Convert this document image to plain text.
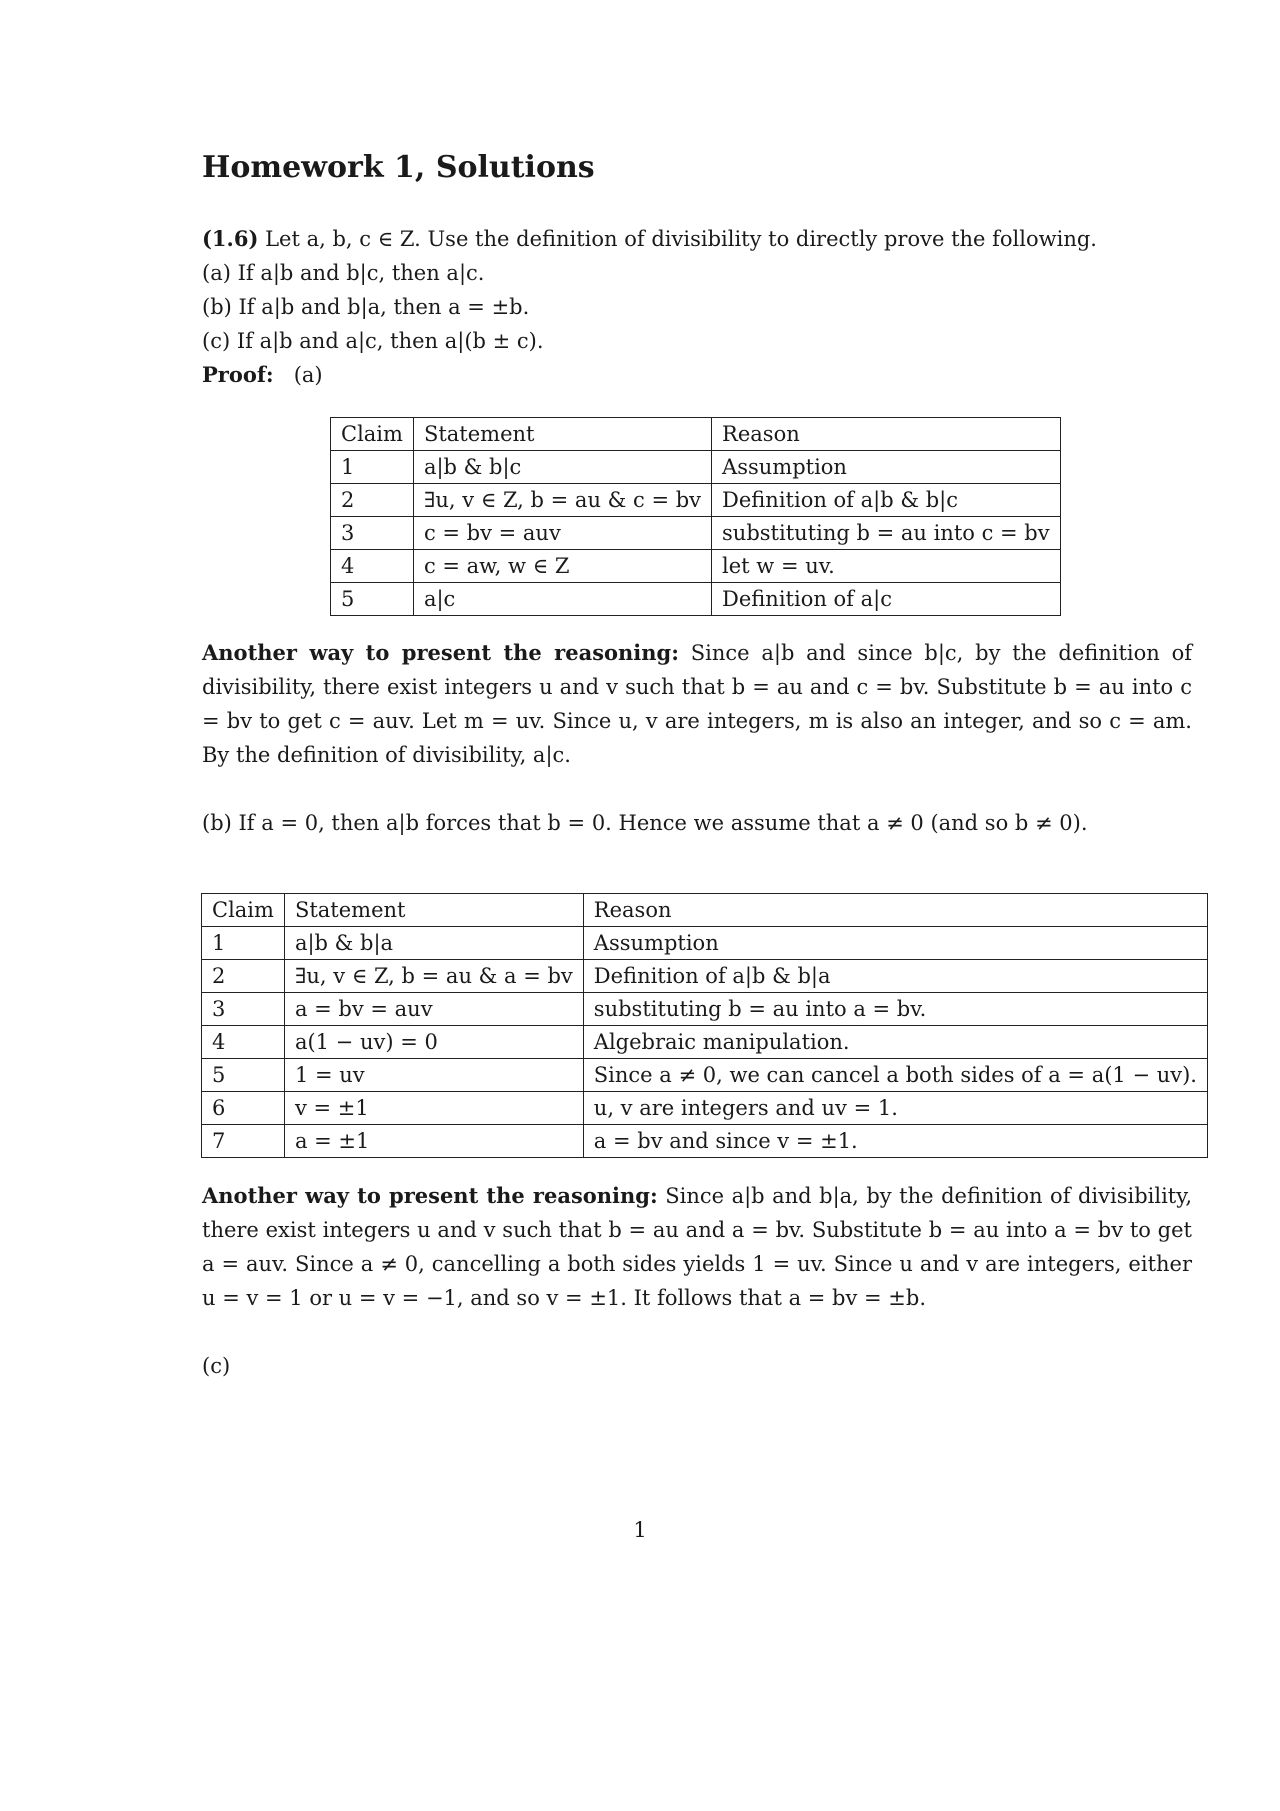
Homework 1, Solutions

(1.6) Let a, b, c ∈ Z. Use the definition of divisibility to directly prove the following.

(a) If a|b and b|c, then a|c.

(b) If a|b and b|a, then a = ±b.

(c) If a|b and a|c, then a|(b ± c).

Proof: (a)

Claim	Statement	Reason
1	a|b & b|c	Assumption
2	∃u, v ∈ Z, b = au & c = bv	Definition of a|b & b|c
3	c = bv = auv	substituting b = au into c = bv
4	c = aw, w ∈ Z	let w = uv.
5	a|c	Definition of a|c

Another way to present the reasoning: Since a|b and since b|c, by the definition of divisibility, there exist integers u and v such that b = au and c = bv. Substitute b = au into c = bv to get c = auv. Let m = uv. Since u, v are integers, m is also an integer, and so c = am. By the definition of divisibility, a|c.

(b) If a = 0, then a|b forces that b = 0. Hence we assume that a ≠ 0 (and so b ≠ 0).

Claim	Statement	Reason
1	a|b & b|a	Assumption
2	∃u, v ∈ Z, b = au & a = bv	Definition of a|b & b|a
3	a = bv = auv	substituting b = au into a = bv.
4	a(1 − uv) = 0	Algebraic manipulation.
5	1 = uv	Since a ≠ 0, we can cancel a both sides of a = a(1 − uv).
6	v = ±1	u, v are integers and uv = 1.
7	a = ±1	a = bv and since v = ±1.

Another way to present the reasoning: Since a|b and b|a, by the definition of divisibility, there exist integers u and v such that b = au and a = bv. Substitute b = au into a = bv to get a = auv. Since a ≠ 0, cancelling a both sides yields 1 = uv. Since u and v are integers, either u = v = 1 or u = v = −1, and so v = ±1. It follows that a = bv = ±b.

(c)

1
